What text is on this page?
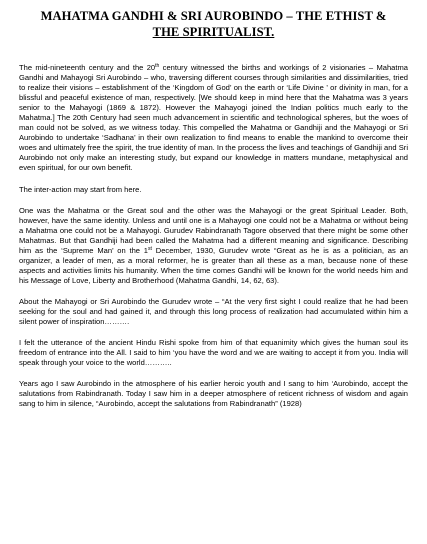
MAHATMA GANDHI & SRI AUROBINDO – THE ETHIST &
THE SPIRITUALIST.

The mid-nineteenth century and the 20th century witnessed the births and workings of 2 visionaries – Mahatma Gandhi and Mahayogi Sri Aurobindo – who, traversing different courses through similarities and dissimilarities, tried to realize their visions – establishment of the ‘Kingdom of God’ on the earth or ‘Life Divine ’ or divinity in man, for a blissful and peaceful existence of man, respectively. [We should keep in mind here that the Mahatma was 3 years senior to the Mahayogi (1869 & 1872). However the Mahayogi joined the Indian politics much early to the Mahatma.] The 20th Century had seen much advancement in scientific and technological spheres, but the woes of man could not be solved, as we witness today. This compelled the Mahatma or Gandhiji and the Mahayogi or Sri Aurobindo to undertake ‘Sadhana’ in their own realization to find means to enable the mankind to overcome their woes and ultimately free the spirit, the true identity of man. In the process the lives and teachings of Gandhiji and Sri Aurobindo not only make an interesting study, but expand our knowledge in matters mundane, metaphysical and even spiritual, for our own benefit.

The inter-action may start from here.

One was the Mahatma or the Great soul and the other was the Mahayogi or the great Spiritual Leader. Both, however, have the same identity. Unless and until one is a Mahayogi one could not be a Mahatma or without being a Mahatma one could not be a Mahayogi. Gurudev Rabindranath Tagore observed that there might be some other Mahatmas. But that Gandhiji had been called the Mahatma had a different meaning and significance. Describing him as the ‘Supreme Man’ on the 1st December, 1930, Gurudev wrote “Great as he is as a politician, as an organizer, a leader of men, as a moral reformer, he is greater than all these as a man, because none of these aspects and activities limits his humanity. When the time comes Gandhi will be known for the world needs him and his Message of Love, Liberty and Brotherhood (Mahatma Gandhi, 14, 62, 63).

About the Mahayogi or Sri Aurobindo the Gurudev wrote – “At the very first sight I could realize that he had been seeking for the soul and had gained it, and through this long process of realization had accumulated within him a silent power of inspiration……….

I felt the utterance of the ancient Hindu Rishi spoke from him of that equanimity which gives the human soul its freedom of entrance into the All. I said to him ‘you have the word and we are waiting to accept it from you. India will speak through your voice to the world………..

Years ago I saw Aurobindo in the atmosphere of his earlier heroic youth and I sang to him ‘Aurobindo, accept the salutations from Rabindranath. Today I saw him in a deeper atmosphere of reticent richness of wisdom and again sang to him in silence, “Aurobindo, accept the salutations from Rabindranath” (1928)
